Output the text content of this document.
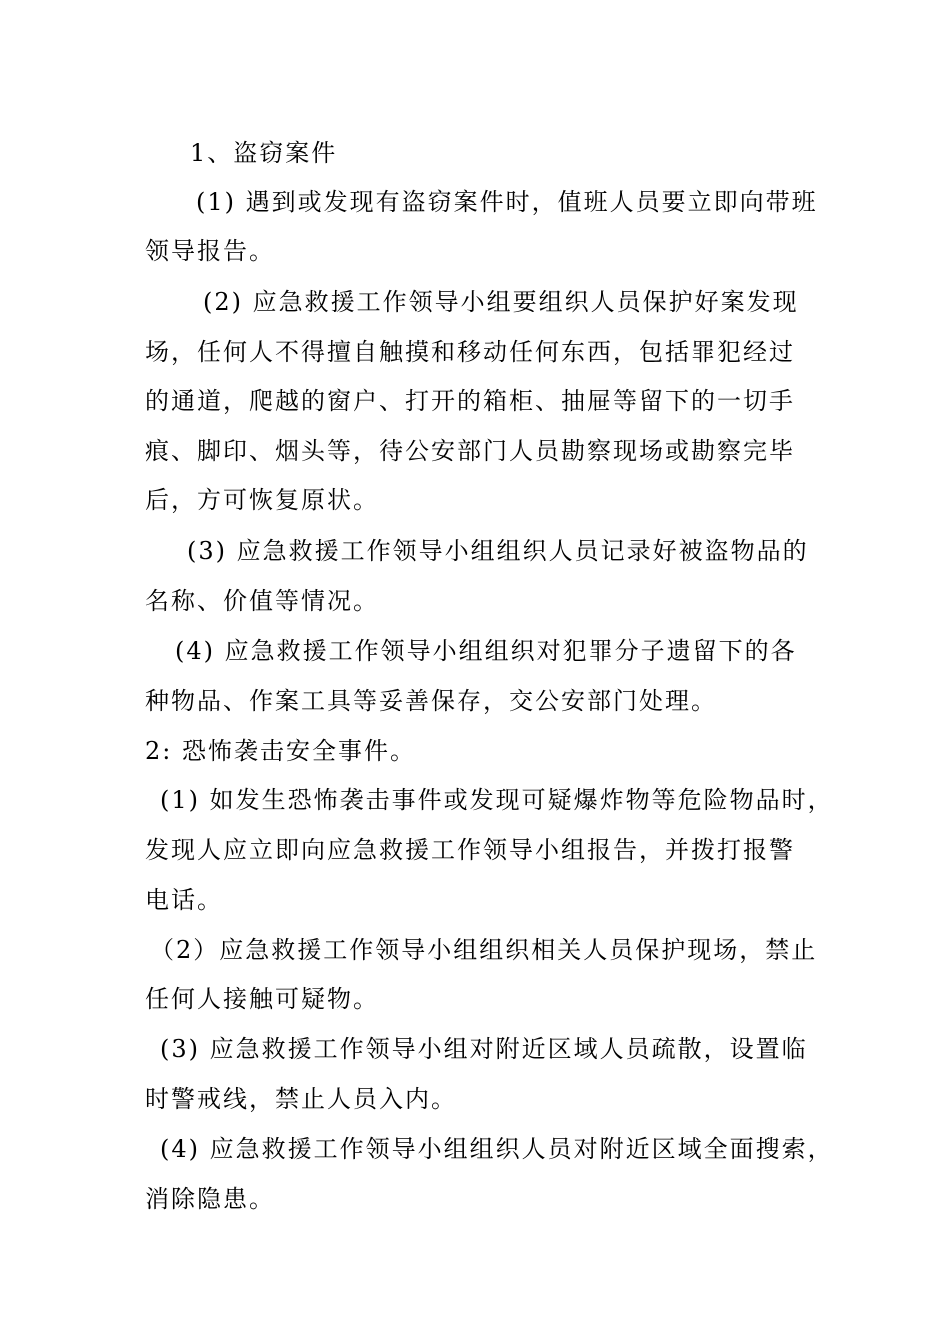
1、盗窃案件
(1) 遇到或发现有盗窃案件时，值班人员要立即向带班
领导报告。
(2) 应急救援工作领导小组要组织人员保护好案发现
场，任何人不得擅自触摸和移动任何东西，包括罪犯经过
的通道，爬越的窗户、打开的箱柜、抽屉等留下的一切手
痕、脚印、烟头等，待公安部门人员勘察现场或勘察完毕
后，方可恢复原状。
(3) 应急救援工作领导小组组织人员记录好被盗物品的
名称、价值等情况。
(4) 应急救援工作领导小组组织对犯罪分子遗留下的各
种物品、作案工具等妥善保存，交公安部门处理。
2: 恐怖袭击安全事件。
(1) 如发生恐怖袭击事件或发现可疑爆炸物等危险物品时，
发现人应立即向应急救援工作领导小组报告，并拨打报警
电话。
（2）应急救援工作领导小组组织相关人员保护现场，禁止
任何人接触可疑物。
(3) 应急救援工作领导小组对附近区域人员疏散，设置临
时警戒线，禁止人员入内。
(4) 应急救援工作领导小组组织人员对附近区域全面搜索，
消除隐患。
